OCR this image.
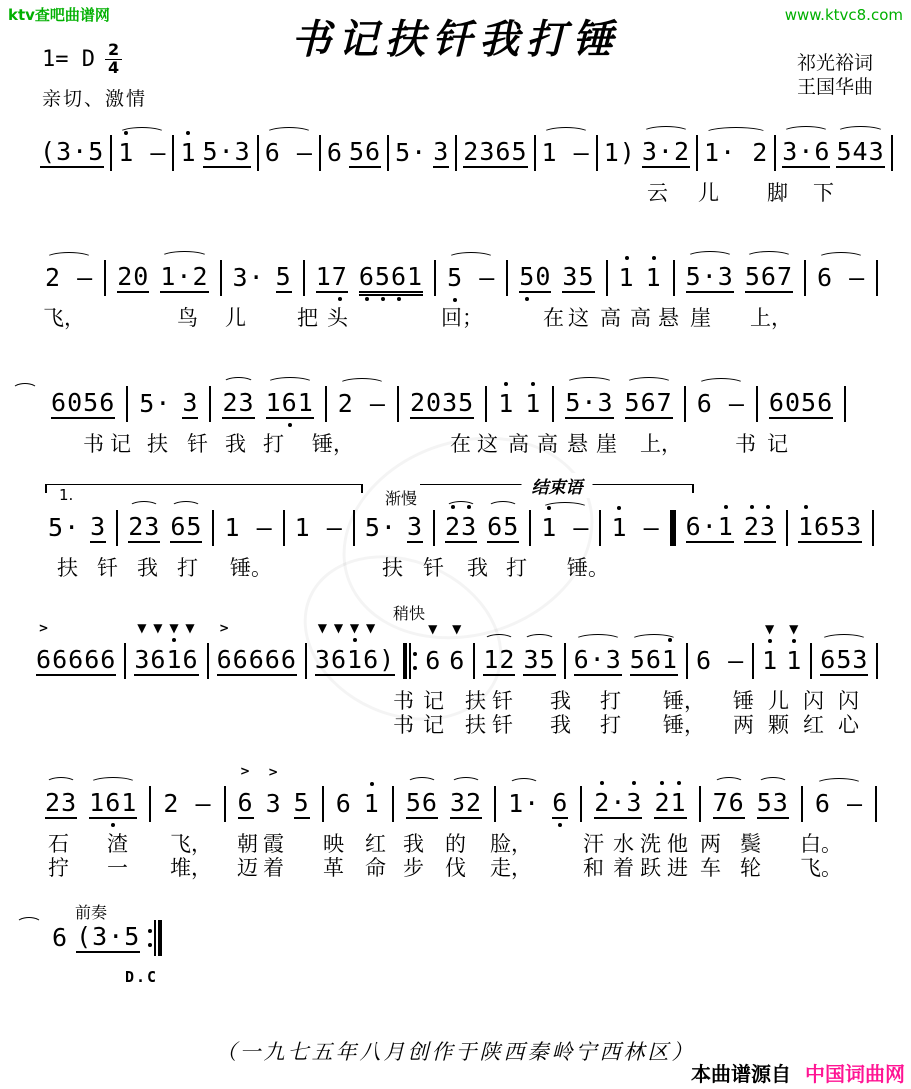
ktv查吧曲谱网	www.ktvc8.com
书记扶钎我打锤
1= D $\frac{2}{4}$
亲切、激情
祁光裕词
王国华曲
(3·5 1 — 1 5·3 6 — 6 56 5· 3 2365 1 — 1) 3·2 1· 2 3·6 543
云 儿 脚 下
2 — 20 1·2 3· 5 17 6561 5 — 50 35 1 1 5·3 567 6 —
飞，	鸟 儿 把 头	回；	在 这 高 高 悬 崖 上，
6056 5· 3 23 161 2 — 2035 1 1 5·3 567 6 — 6056
书 记 扶 钎 我 打 锤，	在 这 高 高 悬 崖 上，	书 记
1.	结束语
渐慢
5· 3 23 65 1 — 1 — 5· 3 23 65 1 — 1 — 6·1 23 1653
扶 钎 我 打 锤。	扶 钎 我 打 锤。
稍快
6
>
6666 3
▼
6
▼
1
▼
6
▼
6
>
6666 3
▼
6
▼
1
▼
6
▼
) 6
▼
6
▼
12 35 6·3 561 6 — 1
▼
1
▼
653
书 记 扶 钎 我 打 锤， 锤 儿 闪 闪
书 记 扶 钎 我 打 锤， 两 颗 红 心
23 161 2 — 6
>
3
>
5 6 1 56 32 1· 6 2·3 21 76 53 6 —
石 渣 飞， 朝 霞 映 红 我 的 脸， 汗 水 洗 他 两 鬓 白。
拧 一 堆， 迈 着 革 命 步 伐 走， 和 着 跃 进 车 轮 飞。
前奏
D.C
6 (3·5
（一九七五年八月创作于陕西秦岭宁西林区）
本曲谱源自 中国词曲网
